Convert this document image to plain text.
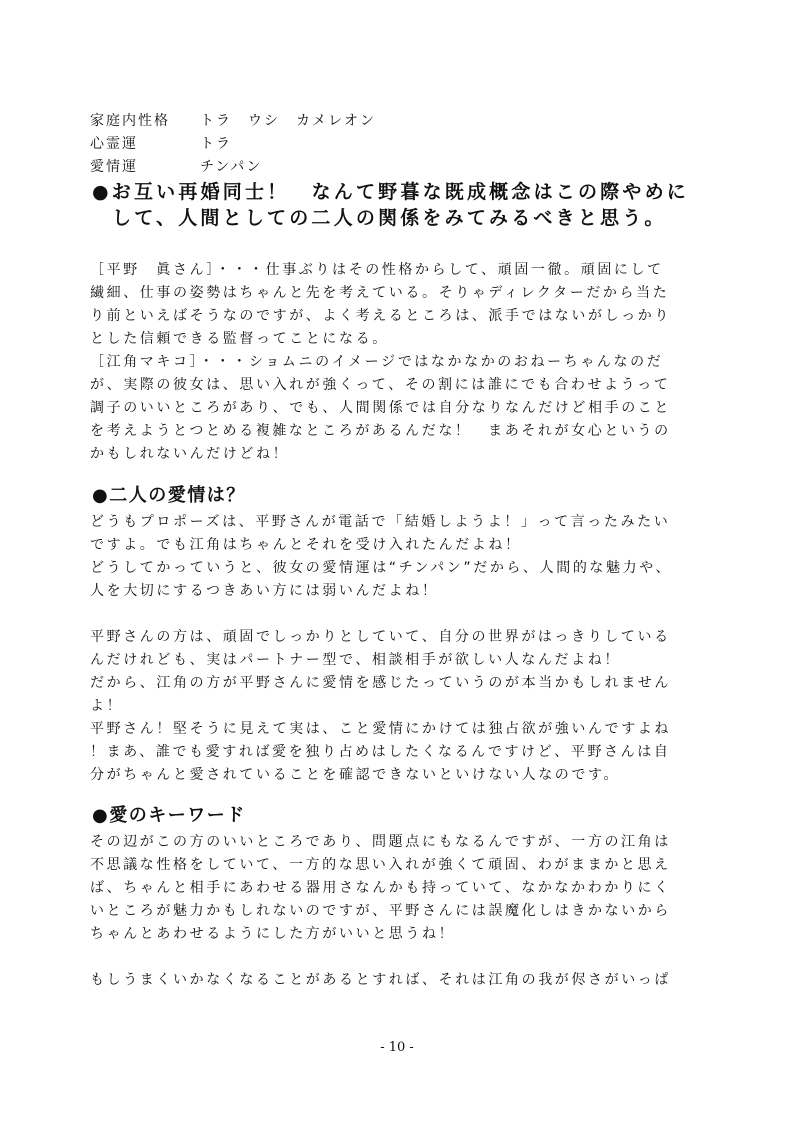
家庭内性格 トラ　ウシ　カメレオン
心霊運	トラ
愛情運	チンパン
●お互い再婚同士！　なんて野暮な既成概念はこの際やめに
して、人間としての二人の関係をみてみるべきと思う。
［平野　眞さん］・・・仕事ぶりはその性格からして、頑固一徹。頑固にして
繊細、仕事の姿勢はちゃんと先を考えている。そりゃディレクターだから当た
り前といえばそうなのですが、よく考えるところは、派手ではないがしっかり
とした信頼できる監督ってことになる。
［江角マキコ］・・・ショムニのイメージではなかなかのおねーちゃんなのだ
が、実際の彼女は、思い入れが強くって、その割には誰にでも合わせようって
調子のいいところがあり、でも、人間関係では自分なりなんだけど相手のこと
を考えようとつとめる複雑なところがあるんだな！　まあそれが女心というの
かもしれないんだけどね！
●二人の愛情は？
どうもプロポーズは、平野さんが電話で「結婚しようよ！」って言ったみたい
ですよ。でも江角はちゃんとそれを受け入れたんだよね！
どうしてかっていうと、彼女の愛情運は“チンパン”だから、人間的な魅力や、
人を大切にするつきあい方には弱いんだよね！
平野さんの方は、頑固でしっかりとしていて、自分の世界がはっきりしている
んだけれども、実はパートナー型で、相談相手が欲しい人なんだよね！
だから、江角の方が平野さんに愛情を感じたっていうのが本当かもしれません
よ！
平野さん！堅そうに見えて実は、こと愛情にかけては独占欲が強いんですよね
！まあ、誰でも愛すれば愛を独り占めはしたくなるんですけど、平野さんは自
分がちゃんと愛されていることを確認できないといけない人なのです。
●愛のキーワード
その辺がこの方のいいところであり、問題点にもなるんですが、一方の江角は
不思議な性格をしていて、一方的な思い入れが強くて頑固、わがままかと思え
ば、ちゃんと相手にあわせる器用さなんかも持っていて、なかなかわかりにく
いところが魅力かもしれないのですが、平野さんには誤魔化しはきかないから
ちゃんとあわせるようにした方がいいと思うね！
もしうまくいかなくなることがあるとすれば、それは江角の我が侭さがいっぱ
- 10 -
